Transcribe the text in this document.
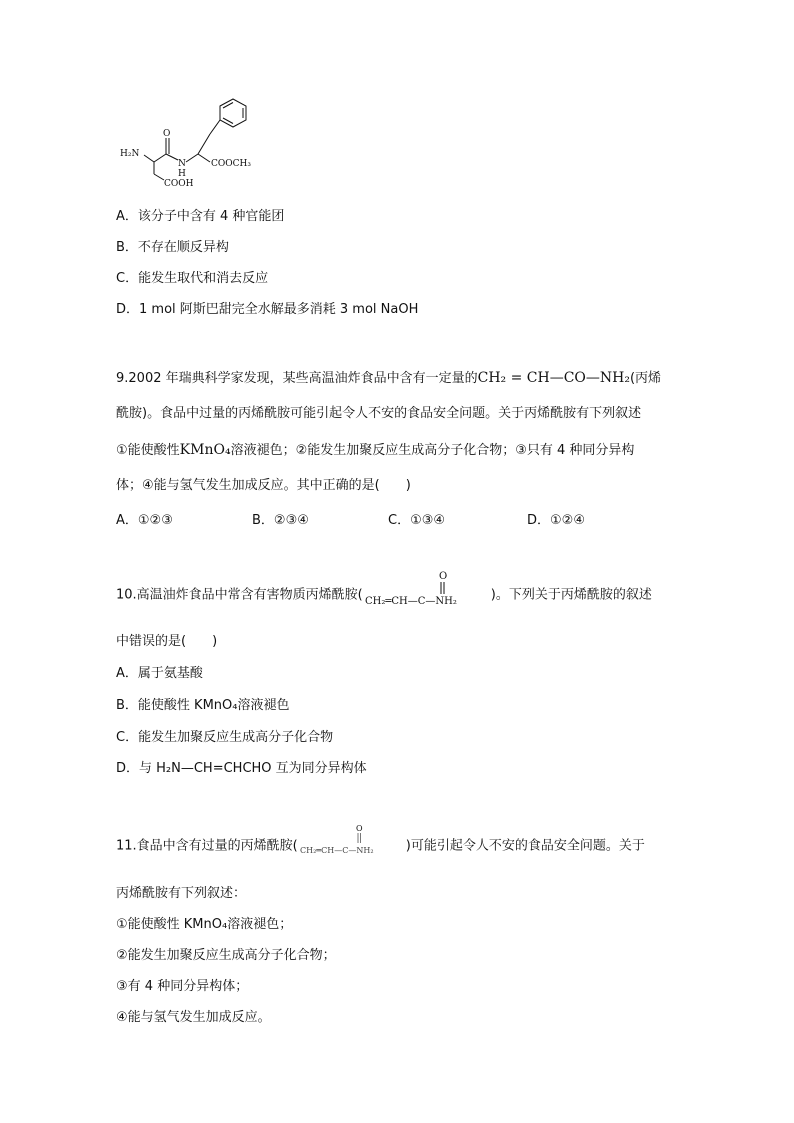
H₂N
O
N
H
COOCH₃
COOH
A．该分子中含有 4 种官能团
B．不存在顺反异构
C．能发生取代和消去反应
D．1 mol 阿斯巴甜完全水解最多消耗 3 mol NaOH
9.2002 年瑞典科学家发现，某些高温油炸食品中含有一定量的CH₂ = CH—CO—NH₂(丙烯
酰胺)。食品中过量的丙烯酰胺可能引起令人不安的食品安全问题。关于丙烯酰胺有下列叙述
①能使酸性KMnO₄溶液褪色；②能发生加聚反应生成高分子化合物；③只有 4 种同分异构
体；④能与氢气发生加成反应。其中正确的是(　　)
A．①②③	B．②③④	C．①③④	D．①②④
10.高温油炸食品中常含有害物质丙烯酰胺(
O
CH₂═CH—C—NH₂	)。下列关于丙烯酰胺的叙述
中错误的是(　　)
A．属于氨基酸
B．能使酸性 KMnO₄溶液褪色
C．能发生加聚反应生成高分子化合物
D．与 H₂N—CH=CHCHO 互为同分异构体
11.食品中含有过量的丙烯酰胺(
O
CH₂═CH—C—NH₂ )可能引起令人不安的食品安全问题。关于
丙烯酰胺有下列叙述：
①能使酸性 KMnO₄溶液褪色；
②能发生加聚反应生成高分子化合物；
③有 4 种同分异构体；
④能与氢气发生加成反应。
